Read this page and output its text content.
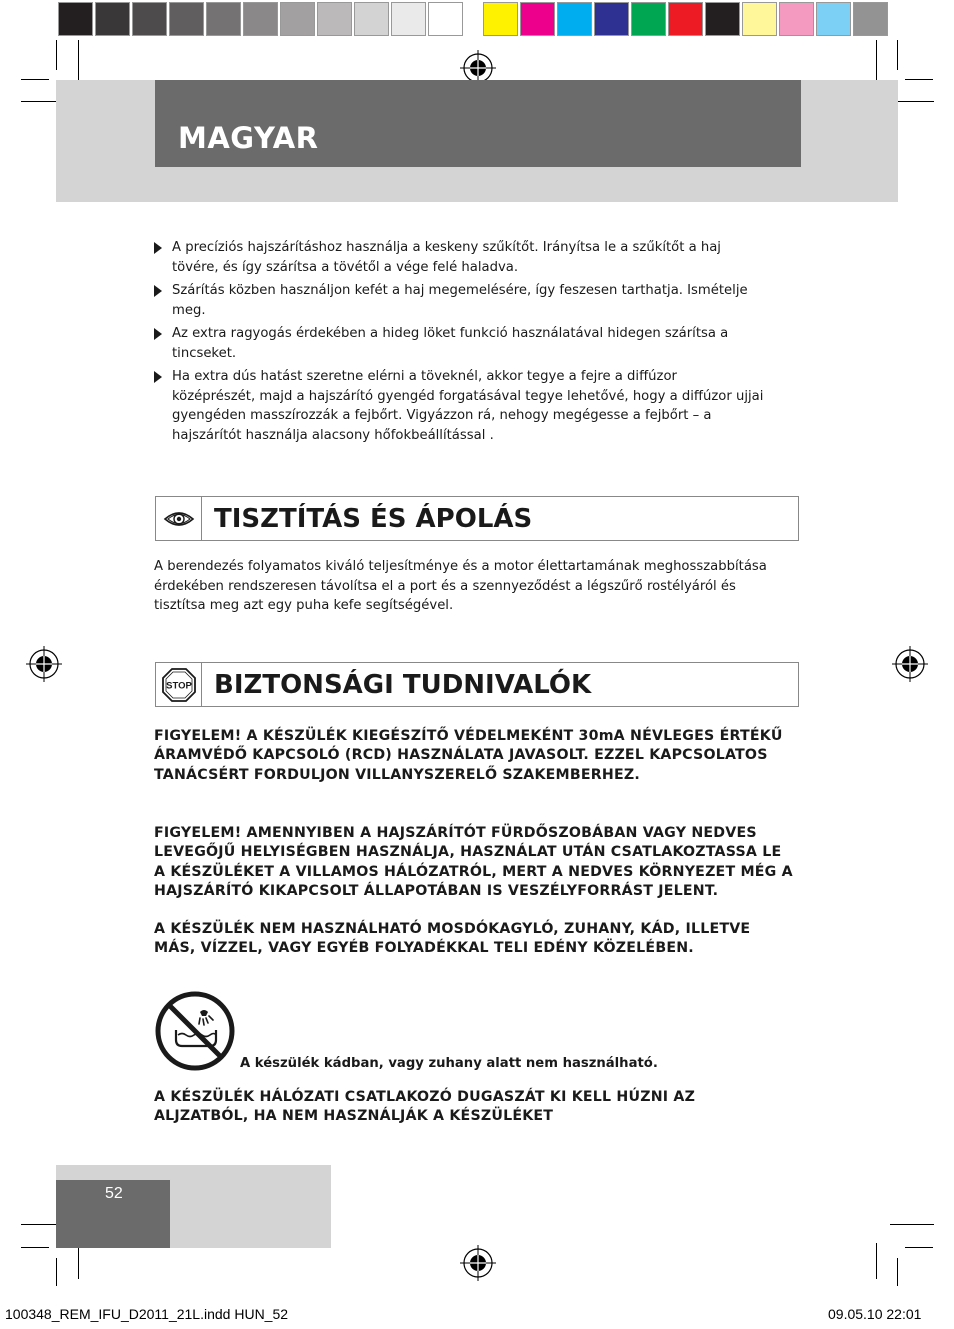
MAGYAR
A precíziós hajszárításhoz használja a keskeny szűkítőt. Irányítsa le a szűkítőt a haj tövére, és így szárítsa a tövétől a vége felé haladva.
Szárítás közben használjon kefét a haj megemelésére, így feszesen tarthatja. Ismételje meg.
Az extra ragyogás érdekében a hideg löket funkció használatával hidegen szárítsa a tincseket.
Ha extra dús hatást szeretne elérni a töveknél, akkor tegye a fejre a diffúzor középrészét, majd a hajszárító gyengéd forgatásával tegye lehetővé, hogy a diffúzor ujjai gyengéden masszírozzák a fejbőrt. Vigyázzon rá, nehogy megégesse a fejbőrt – a hajszárítót használja alacsony hőfokbeállítással .
TISZTÍTÁS ÉS ÁPOLÁS
A berendezés folyamatos kiváló teljesítménye és a motor élettartamának meghosszabbítása érdekében rendszeresen távolítsa el a port és a szennyeződést a légszűrő rostélyáról és tisztítsa meg azt egy puha kefe segítségével.
STOP BIZTONSÁGI TUDNIVALÓK
FIGYELEM! A KÉSZÜLÉK KIEGÉSZÍTŐ VÉDELMEKÉNT 30mA NÉVLEGES ÉRTÉKŰ ÁRAMVÉDŐ KAPCSOLÓ (RCD) HASZNÁLATA JAVASOLT. EZZEL KAPCSOLATOS TANÁCSÉRT FORDULJON VILLANYSZERELŐ SZAKEMBERHEZ.
FIGYELEM! AMENNYIBEN A HAJSZÁRÍTÓT FÜRDŐSZOBÁBAN VAGY NEDVES LEVEGŐJŰ HELYISÉGBEN HASZNÁLJA, HASZNÁLAT UTÁN CSATLAKOZTASSA LE A KÉSZÜLÉKET A VILLAMOS HÁLÓZATRÓL, MERT A NEDVES KÖRNYEZET MÉG A HAJSZÁRÍTÓ KIKAPCSOLT ÁLLAPOTÁBAN IS VESZÉLYFORRÁST JELENT.
A KÉSZÜLÉK NEM HASZNÁLHATÓ MOSDÓKAGYLÓ, ZUHANY, KÁD, ILLETVE MÁS, VÍZZEL, VAGY EGYÉB FOLYADÉKKAL TELI EDÉNY KÖZELÉBEN.
A készülék kádban, vagy zuhany alatt nem használható.
A KÉSZÜLÉK HÁLÓZATI CSATLAKOZÓ DUGASZÁT KI KELL HÚZNI AZ ALJZATBÓL, HA NEM HASZNÁLJÁK A KÉSZÜLÉKET
52
100348_REM_IFU_D2011_21L.indd HUN_52	09.05.10 22:01
